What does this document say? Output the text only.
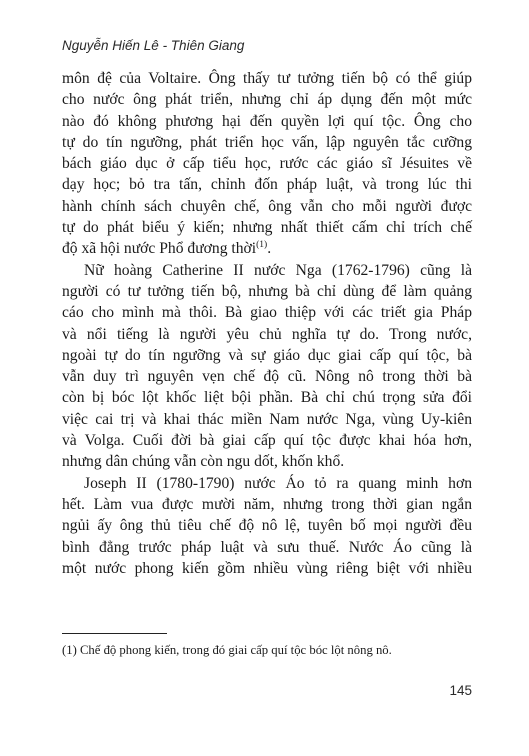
Nguyễn Hiến Lê - Thiên Giang
môn đệ của Voltaire. Ông thấy tư tưởng tiến bộ có thể giúp
cho nước ông phát triển, nhưng chỉ áp dụng đến một mức
nào đó không phương hại đến quyền lợi quí tộc. Ông cho
tự do tín ngưỡng, phát triển học vấn, lập nguyên tắc cưỡng
bách giáo dục ở cấp tiểu học, rước các giáo sĩ Jésuites về
dạy học; bỏ tra tấn, chỉnh đốn pháp luật, và trong lúc thi
hành chính sách chuyên chế, ông vẫn cho mỗi người được
tự do phát biểu ý kiến; nhưng nhất thiết cấm chỉ trích chế
độ xã hội nước Phổ đương thời$^{(1)}$.
Nữ hoàng Catherine II nước Nga (1762-1796) cũng là
người có tư tưởng tiến bộ, nhưng bà chỉ dùng để làm quảng
cáo cho mình mà thôi. Bà giao thiệp với các triết gia Pháp
và nổi tiếng là người yêu chủ nghĩa tự do. Trong nước,
ngoài tự do tín ngưỡng và sự giáo dục giai cấp quí tộc, bà
vẫn duy trì nguyên vẹn chế độ cũ. Nông nô trong thời bà
còn bị bóc lột khốc liệt bội phần. Bà chỉ chú trọng sửa đổi
việc cai trị và khai thác miền Nam nước Nga, vùng Uy-kiên
và Volga. Cuối đời bà giai cấp quí tộc được khai hóa hơn,
nhưng dân chúng vẫn còn ngu dốt, khốn khổ.
Joseph II (1780-1790) nước Áo tỏ ra quang minh hơn
hết. Làm vua được mười năm, nhưng trong thời gian ngắn
ngủi ấy ông thủ tiêu chế độ nô lệ, tuyên bố mọi người đều
bình đẳng trước pháp luật và sưu thuế. Nước Áo cũng là
một nước phong kiến gồm nhiều vùng riêng biệt với nhiều
(1) Chế độ phong kiến, trong đó giai cấp quí tộc bóc lột nông nô.
145
